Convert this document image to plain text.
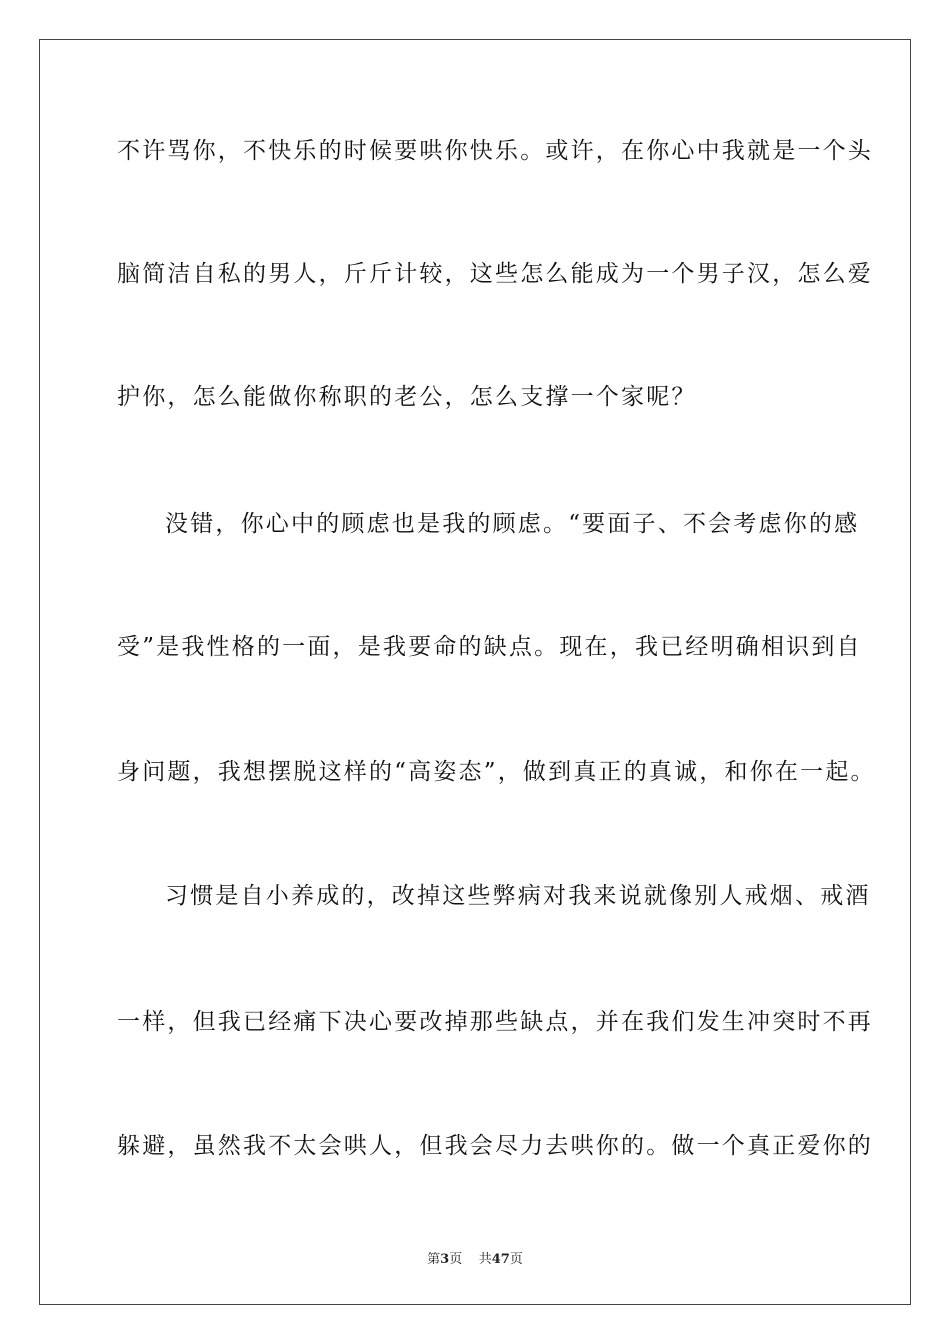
不许骂你，不快乐的时候要哄你快乐。或许，在你心中我就是一个头

脑简洁自私的男人，斤斤计较，这些怎么能成为一个男子汉，怎么爱

护你，怎么能做你称职的老公，怎么支撑一个家呢？

没错，你心中的顾虑也是我的顾虑。“要面子、不会考虑你的感

受”是我性格的一面，是我要命的缺点。现在，我已经明确相识到自

身问题，我想摆脱这样的“高姿态”，做到真正的真诚，和你在一起。

习惯是自小养成的，改掉这些弊病对我来说就像别人戒烟、戒酒

一样，但我已经痛下决心要改掉那些缺点，并在我们发生冲突时不再

躲避，虽然我不太会哄人，但我会尽力去哄你的。做一个真正爱你的

第3页 共47页
